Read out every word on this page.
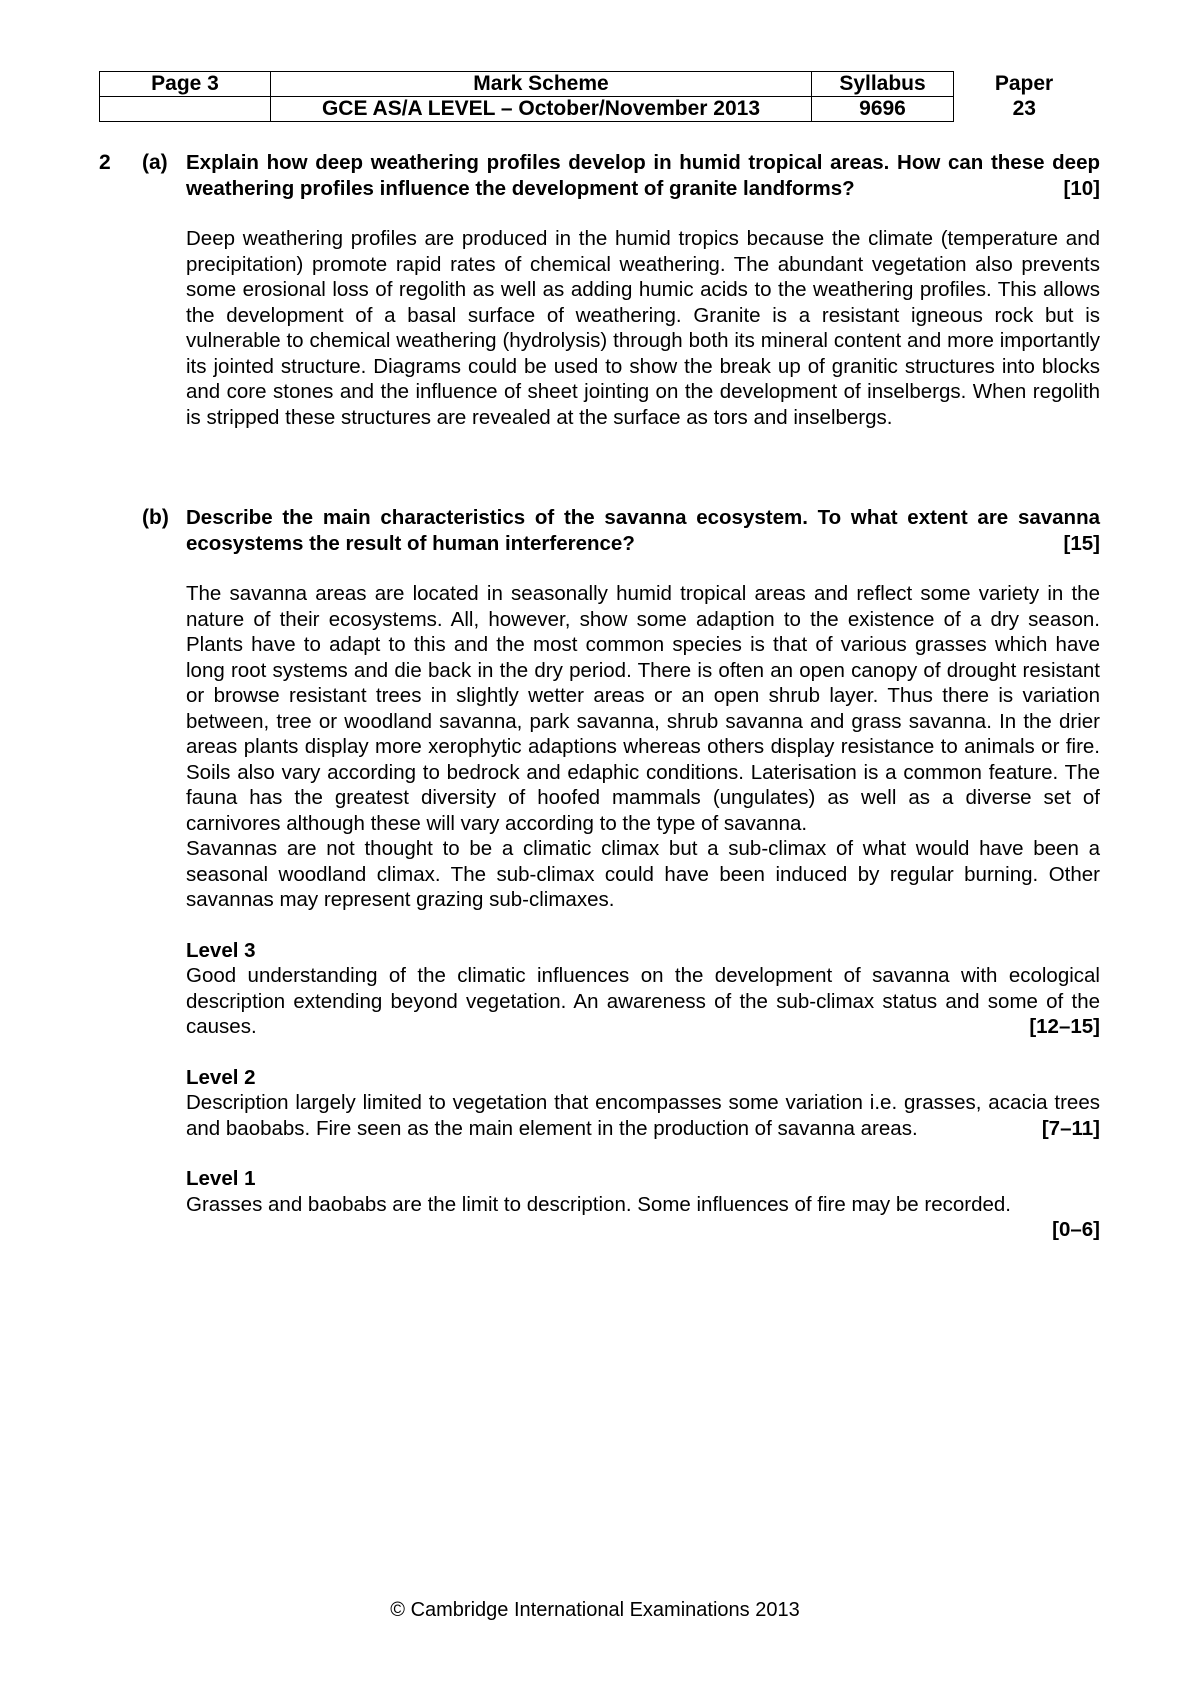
Page 3	Mark Scheme	Syllabus	Paper
	GCE AS/A LEVEL – October/November 2013	9696	23
2 (a) Explain how deep weathering profiles develop in humid tropical areas. How can these deep weathering profiles influence the development of granite landforms?	[10]

Deep weathering profiles are produced in the humid tropics because the climate (temperature and precipitation) promote rapid rates of chemical weathering. The abundant vegetation also prevents some erosional loss of regolith as well as adding humic acids to the weathering profiles. This allows the development of a basal surface of weathering. Granite is a resistant igneous rock but is vulnerable to chemical weathering (hydrolysis) through both its mineral content and more importantly its jointed structure. Diagrams could be used to show the break up of granitic structures into blocks and core stones and the influence of sheet jointing on the development of inselbergs. When regolith is stripped these structures are revealed at the surface as tors and inselbergs.

(b) Describe the main characteristics of the savanna ecosystem. To what extent are savanna ecosystems the result of human interference?	[15]

The savanna areas are located in seasonally humid tropical areas and reflect some variety in the nature of their ecosystems. All, however, show some adaption to the existence of a dry season. Plants have to adapt to this and the most common species is that of various grasses which have long root systems and die back in the dry period. There is often an open canopy of drought resistant or browse resistant trees in slightly wetter areas or an open shrub layer. Thus there is variation between, tree or woodland savanna, park savanna, shrub savanna and grass savanna. In the drier areas plants display more xerophytic adaptions whereas others display resistance to animals or fire. Soils also vary according to bedrock and edaphic conditions. Laterisation is a common feature. The fauna has the greatest diversity of hoofed mammals (ungulates) as well as a diverse set of carnivores although these will vary according to the type of savanna.

Savannas are not thought to be a climatic climax but a sub-climax of what would have been a seasonal woodland climax. The sub-climax could have been induced by regular burning. Other savannas may represent grazing sub-climaxes.

Level 3

Good understanding of the climatic influences on the development of savanna with ecological description extending beyond vegetation. An awareness of the sub-climax status and some of the causes.	[12–15]

Level 2

Description largely limited to vegetation that encompasses some variation i.e. grasses, acacia trees and baobabs. Fire seen as the main element in the production of savanna areas.	[7–11]

Level 1

Grasses and baobabs are the limit to description. Some influences of fire may be recorded.

[0–6]

© Cambridge International Examinations 2013
